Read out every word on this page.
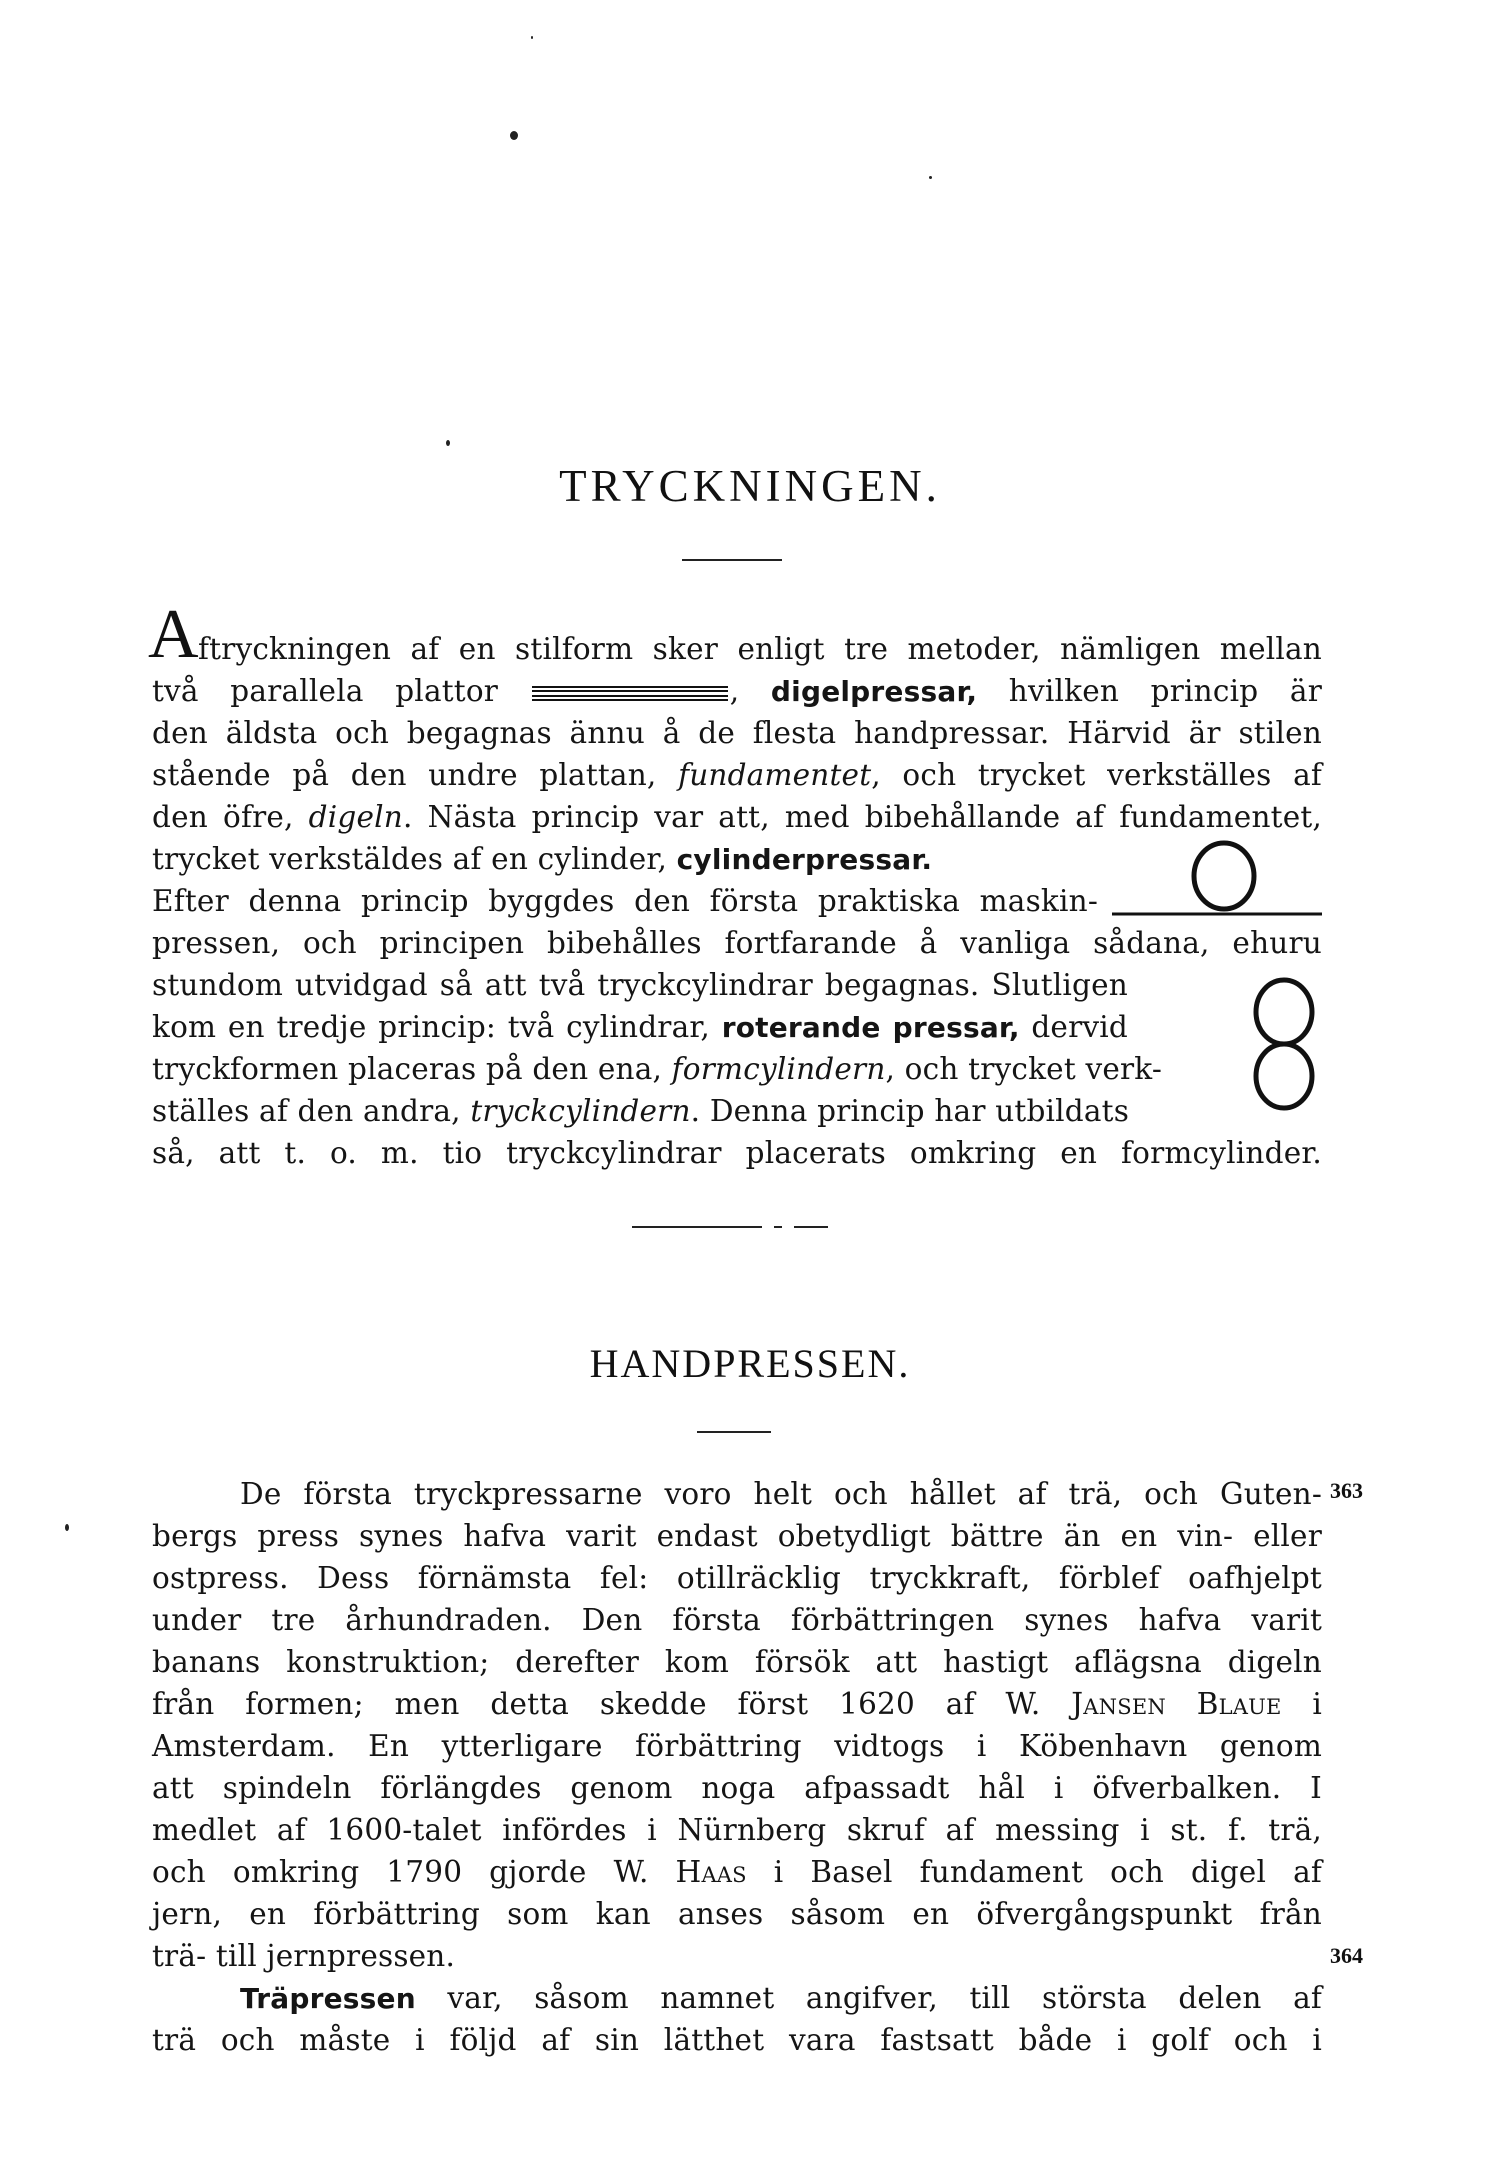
TRYCKNINGEN.
A ftryckningen af en stilform sker enligt tre metoder, nämligen mellan
två parallela plattor	, digelpressar, hvilken princip är
den äldsta och begagnas ännu å de flesta handpressar. Härvid är stilen
stående på den undre plattan, fundamentet, och trycket verkställes af
den öfre, digeln. Nästa princip var att, med bibehållande af fundamentet,
trycket verkstäldes af en cylinder, cylinderpressar.
Efter denna princip byggdes den första praktiska maskin-
pressen, och principen bibehålles fortfarande å vanliga sådana, ehuru
stundom utvidgad så att två tryckcylindrar begagnas. Slutligen
kom en tredje princip: två cylindrar, roterande pressar, dervid
tryckformen placeras på den ena, formcylindern, och trycket verk-
ställes af den andra, tryckcylindern. Denna princip har utbildats
så, att t. o. m. tio tryckcylindrar placerats omkring en formcylinder.
HANDPRESSEN.
363
364
De första tryckpressarne voro helt och hållet af trä, och Guten-
bergs press synes hafva varit endast obetydligt bättre än en vin- eller
ostpress. Dess förnämsta fel: otillräcklig tryckkraft, förblef oafhjelpt
under tre århundraden. Den första förbättringen synes hafva varit
banans konstruktion; derefter kom försök att hastigt aflägsna digeln
från formen; men detta skedde först 1620 af W. Jansen Blaue i
Amsterdam. En ytterligare förbättring vidtogs i Köbenhavn genom
att spindeln förlängdes genom noga afpassadt hål i öfverbalken. I
medlet af 1600-talet infördes i Nürnberg skruf af messing i st. f. trä,
och omkring 1790 gjorde W. Haas i Basel fundament och digel af
jern, en förbättring som kan anses såsom en öfvergångspunkt från
trä- till jernpressen.
Träpressen var, såsom namnet angifver, till största delen af
trä och måste i följd af sin lätthet vara fastsatt både i golf och i
